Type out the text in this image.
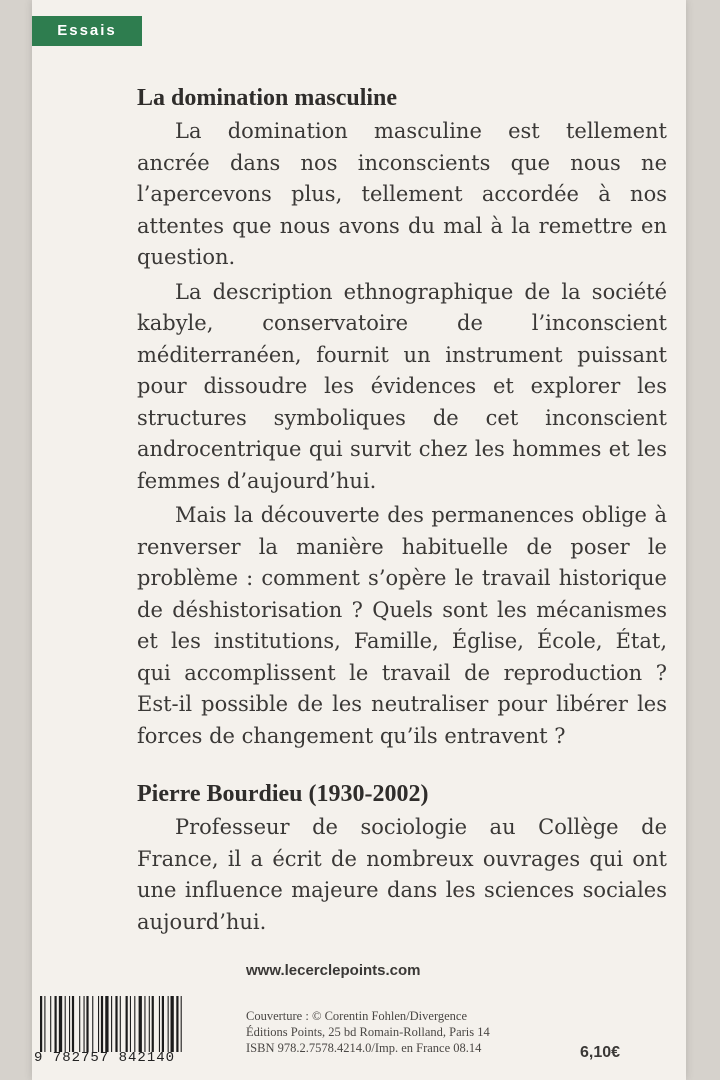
Essais
La domination masculine

La domination masculine est tellement ancrée dans nos inconscients que nous ne l’apercevons plus, tellement accordée à nos attentes que nous avons du mal à la remettre en question.

La description ethnographique de la société kabyle, conservatoire de l’inconscient méditerranéen, fournit un instrument puissant pour dissoudre les évidences et explorer les structures symboliques de cet inconscient androcentrique qui survit chez les hommes et les femmes d’aujourd’hui.

Mais la découverte des permanences oblige à renverser la manière habituelle de poser le problème : comment s’opère le travail historique de déshistorisation ? Quels sont les mécanismes et les institutions, Famille, Église, École, État, qui accomplissent le travail de reproduction ? Est-il possible de les neutraliser pour libérer les forces de changement qu’ils entravent ?

Pierre Bourdieu (1930-2002)

Professeur de sociologie au Collège de France, il a écrit de nombreux ouvrages qui ont une influence majeure dans les sciences sociales aujourd’hui.

www.lecerclepoints.com
9 782757 842140
Couverture : © Corentin Fohlen/Divergence
Éditions Points, 25 bd Romain-Rolland, Paris 14
ISBN 978.2.7578.4214.0/Imp. en France 08.14	6,10€
